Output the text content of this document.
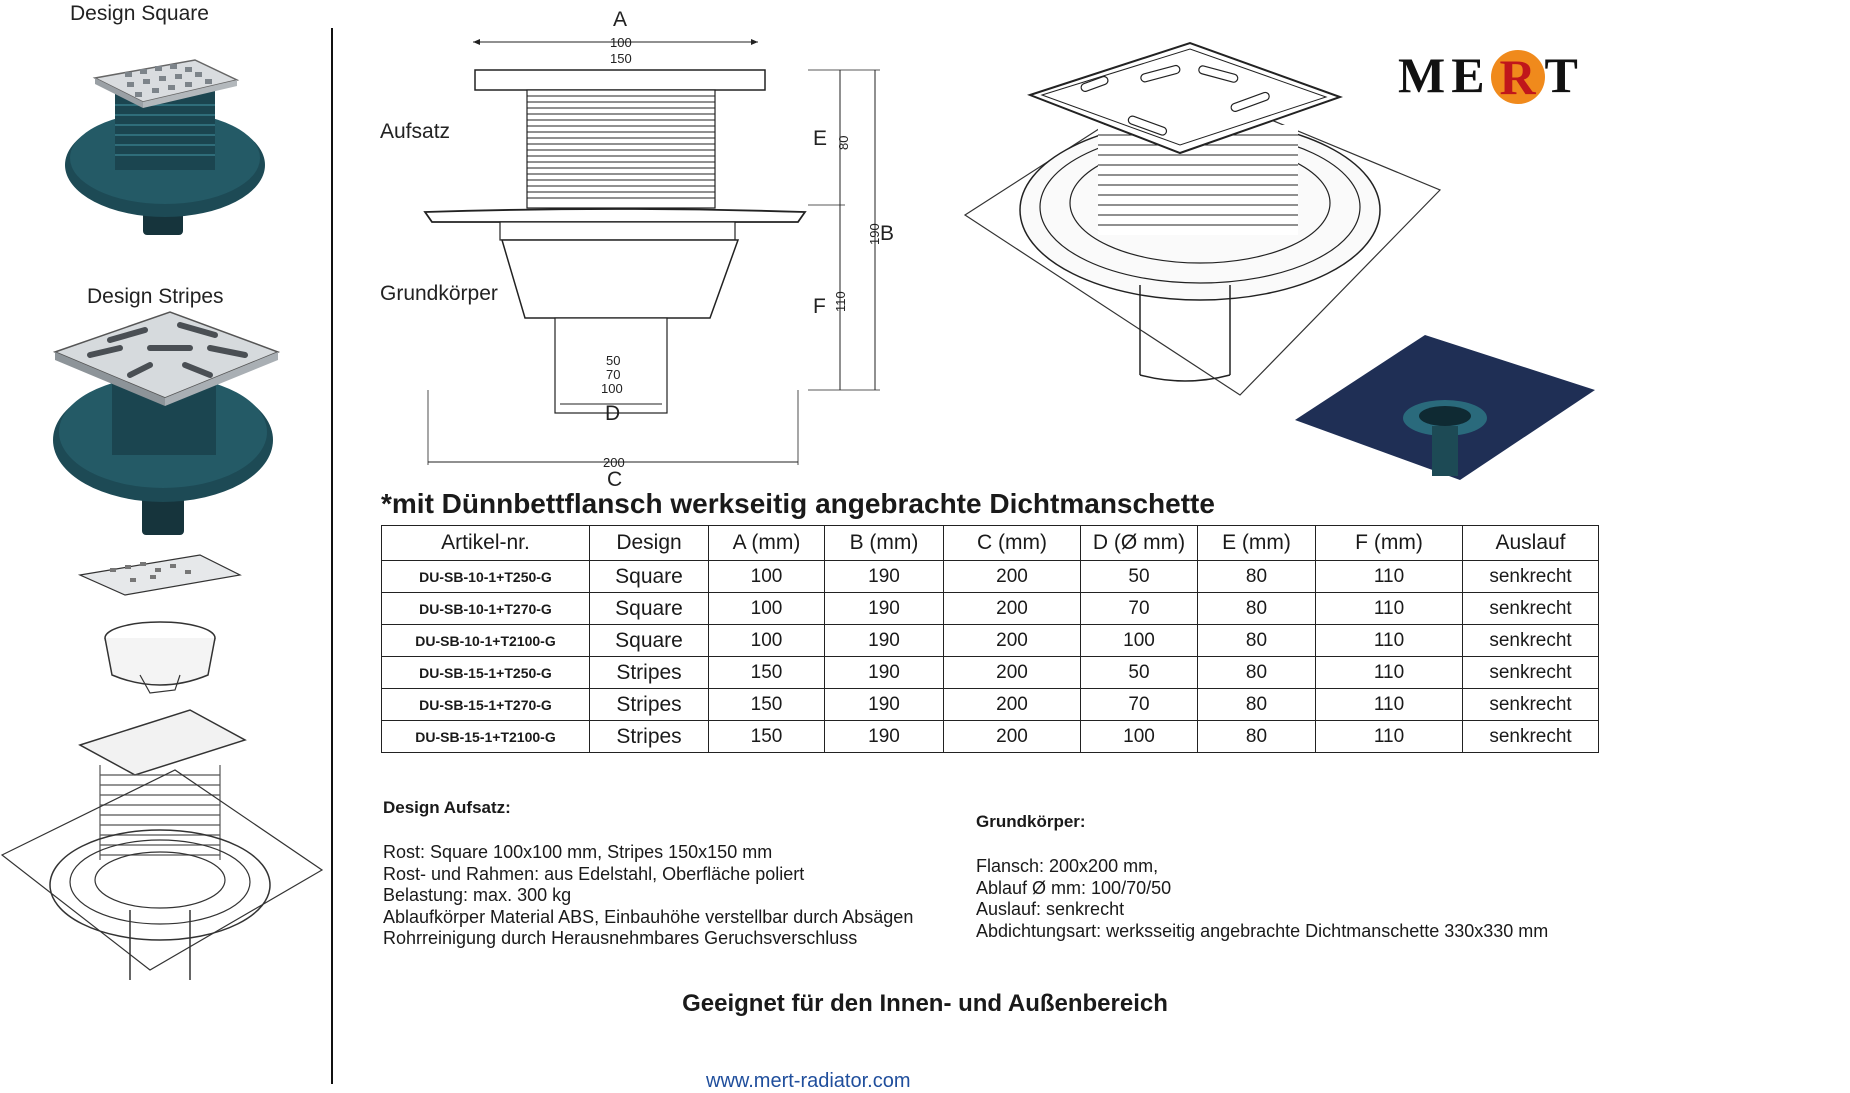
Design Square
Design Stripes
A
100
150
Aufsatz
Grundkörper
E 80
B
190
F 110
50
70
100
D
200
C
ME R T
*mit Dünnbettflansch werkseitig angebrachte Dichtmanschette
Artikel-nr.	Design	A (mm)	B (mm)	C (mm)	D (Ø mm)	E (mm)	F (mm)	Auslauf
DU-SB-10-1+T250-G	Square	100	190	200	50	80	110	senkrecht
DU-SB-10-1+T270-G	Square	100	190	200	70	80	110	senkrecht
DU-SB-10-1+T2100-G	Square	100	190	200	100	80	110	senkrecht
DU-SB-15-1+T250-G	Stripes	150	190	200	50	80	110	senkrecht
DU-SB-15-1+T270-G	Stripes	150	190	200	70	80	110	senkrecht
DU-SB-15-1+T2100-G	Stripes	150	190	200	100	80	110	senkrecht
Design Aufsatz:
Rost: Square 100x100 mm, Stripes 150x150 mm
Rost- und Rahmen: aus Edelstahl, Oberfläche poliert
Belastung: max. 300 kg
Ablaufkörper Material ABS, Einbauhöhe verstellbar durch Absägen
Rohrreinigung durch Herausnehmbares Geruchsverschluss
Grundkörper:
Flansch: 200x200 mm,
Ablauf Ø mm: 100/70/50
Auslauf: senkrecht
Abdichtungsart: werksseitig angebrachte Dichtmanschette 330x330 mm
Geeignet für den Innen- und Außenbereich
www.mert-radiator.com
